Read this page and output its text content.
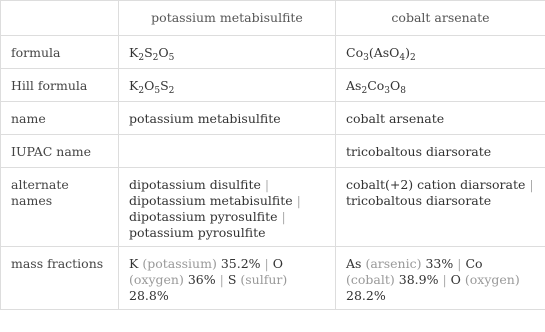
	potassium metabisulfite	cobalt arsenate
formula	$K_2S_2O_5$	$Co_3(AsO_4)_2$
Hill formula	$K_2O_5S_2$	$As_2Co_3O_8$
name	potassium metabisulfite	cobalt arsenate
IUPAC name		tricobaltous diarsorate
alternate names	dipotassium disulfite | dipotassium metabisulfite | dipotassium pyrosulfite | potassium pyrosulfite	cobalt(+2) cation diarsorate | tricobaltous diarsorate
mass fractions	K (potassium) 35.2% | O (oxygen) 36% | S (sulfur) 28.8%	As (arsenic) 33% | Co (cobalt) 38.9% | O (oxygen) 28.2%
